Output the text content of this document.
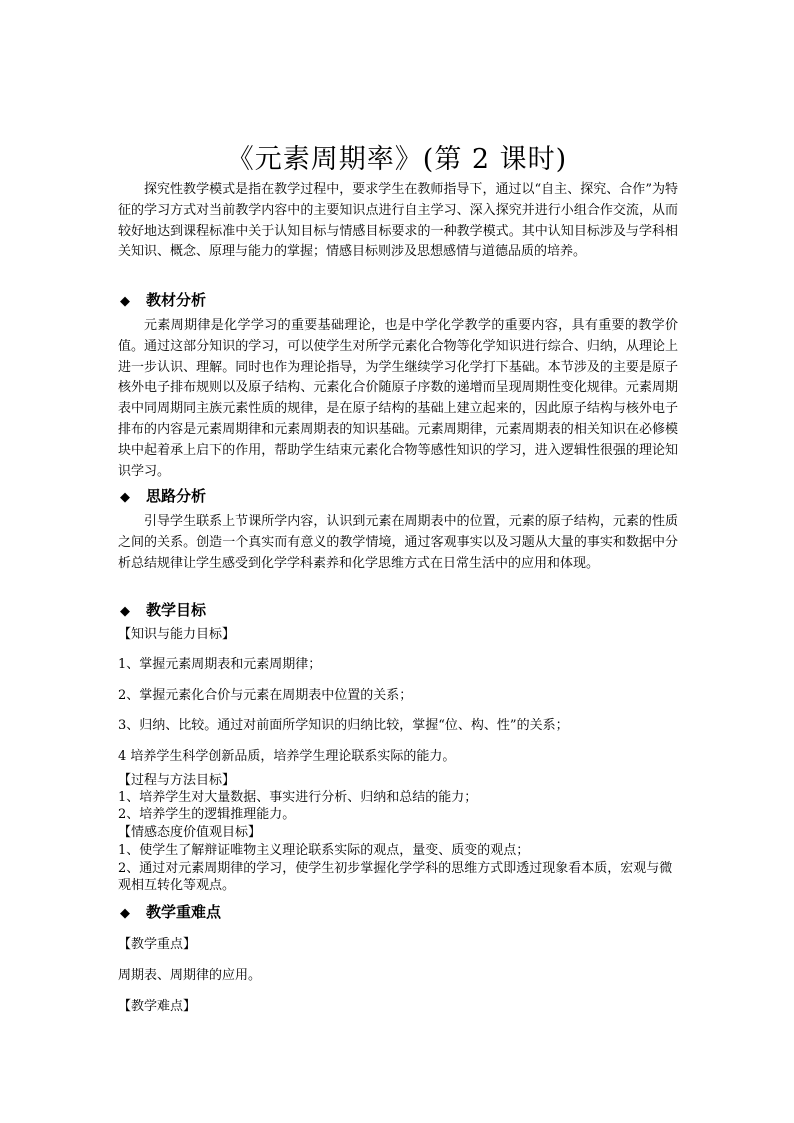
《元素周期率》(第 2 课时)
探究性教学模式是指在教学过程中，要求学生在教师指导下，通过以“自主、探究、合作”为特征的学习方式对当前教学内容中的主要知识点进行自主学习、深入探究并进行小组合作交流，从而较好地达到课程标准中关于认知目标与情感目标要求的一种教学模式。其中认知目标涉及与学科相关知识、概念、原理与能力的掌握；情感目标则涉及思想感情与道德品质的培养。
◆ 教材分析
元素周期律是化学学习的重要基础理论，也是中学化学教学的重要内容，具有重要的教学价值。通过这部分知识的学习，可以使学生对所学元素化合物等化学知识进行综合、归纳，从理论上进一步认识、理解。同时也作为理论指导，为学生继续学习化学打下基础。本节涉及的主要是原子核外电子排布规则以及原子结构、元素化合价随原子序数的递增而呈现周期性变化规律。元素周期表中同周期同主族元素性质的规律，是在原子结构的基础上建立起来的，因此原子结构与核外电子排布的内容是元素周期律和元素周期表的知识基础。元素周期律，元素周期表的相关知识在必修模块中起着承上启下的作用，帮助学生结束元素化合物等感性知识的学习，进入逻辑性很强的理论知识学习。
◆ 思路分析
引导学生联系上节课所学内容，认识到元素在周期表中的位置，元素的原子结构，元素的性质之间的关系。创造一个真实而有意义的教学情境，通过客观事实以及习题从大量的事实和数据中分析总结规律让学生感受到化学学科素养和化学思维方式在日常生活中的应用和体现。
◆ 教学目标
【知识与能力目标】
1、掌握元素周期表和元素周期律；
2、掌握元素化合价与元素在周期表中位置的关系；
3、归纳、比较。通过对前面所学知识的归纳比较，掌握“位、构、性”的关系；
4 培养学生科学创新品质，培养学生理论联系实际的能力。
【过程与方法目标】
1、培养学生对大量数据、事实进行分析、归纳和总结的能力；
2、培养学生的逻辑推理能力。
【情感态度价值观目标】
1、使学生了解辩证唯物主义理论联系实际的观点，量变、质变的观点；
2、通过对元素周期律的学习，使学生初步掌握化学学科的思维方式即透过现象看本质，宏观与微观相互转化等观点。
◆ 教学重难点
【教学重点】
周期表、周期律的应用。
【教学难点】
